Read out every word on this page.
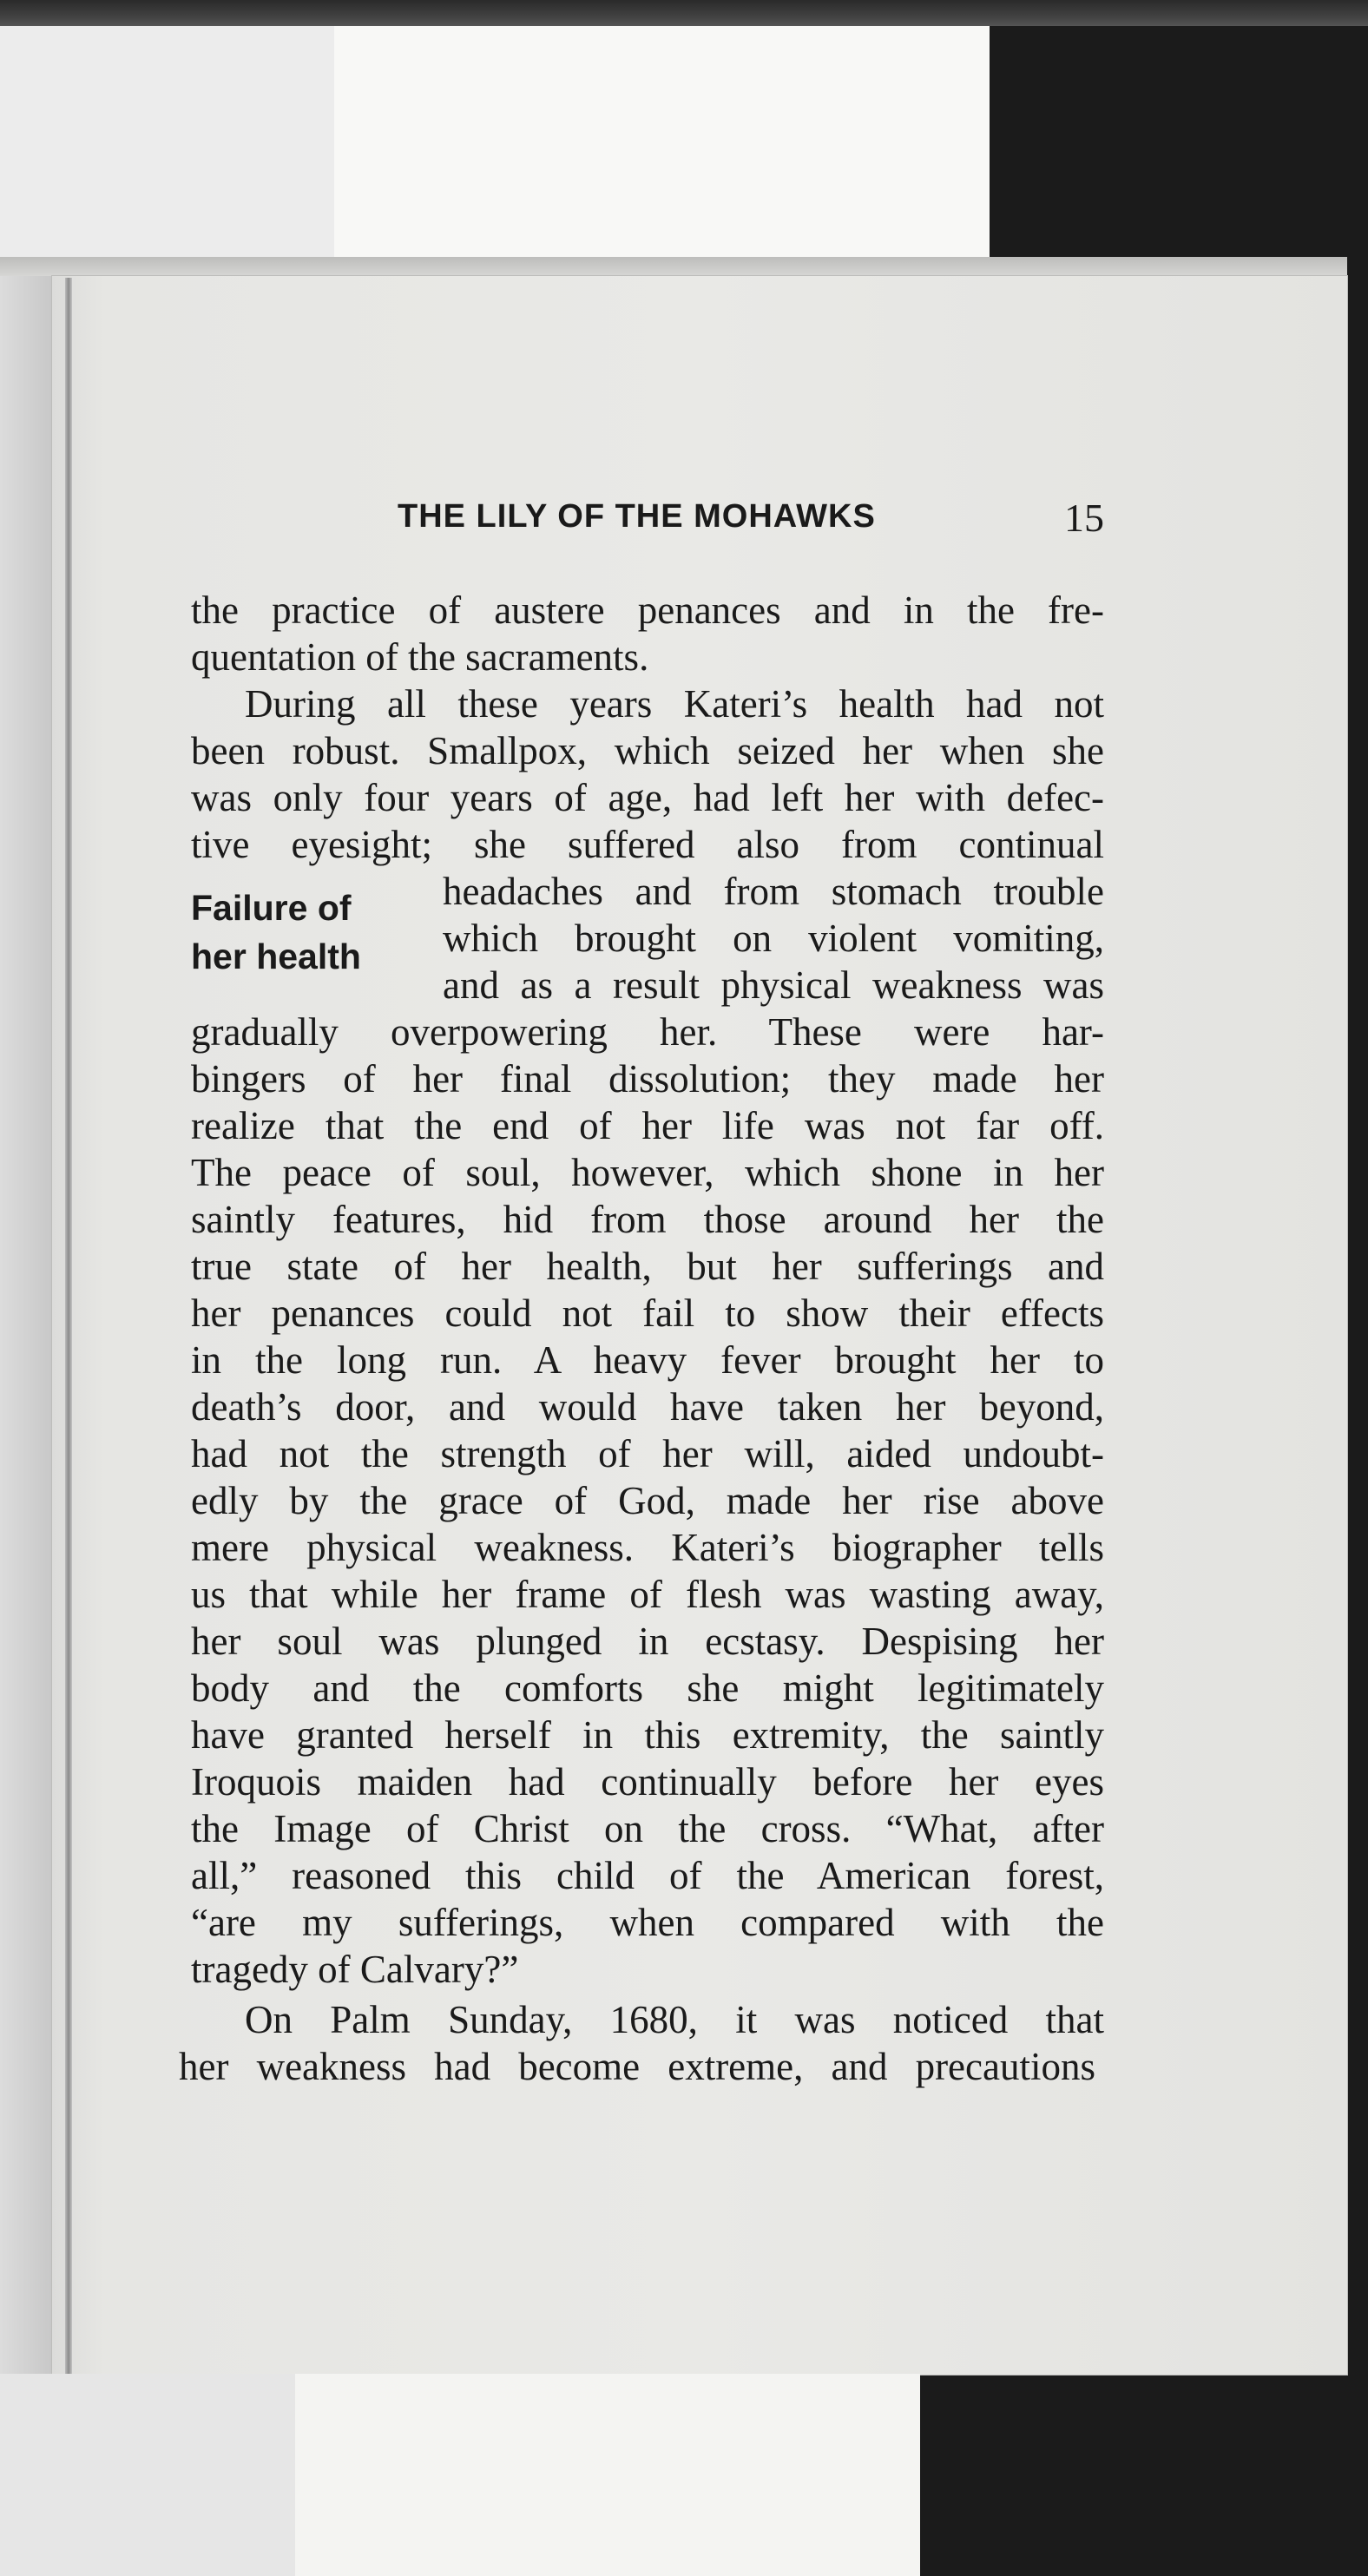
THE LILY OF THE MOHAWKS	15
Failure of
her health
the practice of austere penances and in the fre-
quentation of the sacraments.
During all these years Kateri’s health had not
been robust. Smallpox, which seized her when she
was only four years of age, had left her with defec-
tive eyesight; she suffered also from continual
headaches and from stomach trouble
which brought on violent vomiting,
and as a result physical weakness was
gradually overpowering her. These were har-
bingers of her final dissolution; they made her
realize that the end of her life was not far off.
The peace of soul, however, which shone in her
saintly features, hid from those around her the
true state of her health, but her sufferings and
her penances could not fail to show their effects
in the long run. A heavy fever brought her to
death’s door, and would have taken her beyond,
had not the strength of her will, aided undoubt-
edly by the grace of God, made her rise above
mere physical weakness. Kateri’s biographer tells
us that while her frame of flesh was wasting away,
her soul was plunged in ecstasy. Despising her
body and the comforts she might legitimately
have granted herself in this extremity, the saintly
Iroquois maiden had continually before her eyes
the Image of Christ on the cross. “What, after
all,” reasoned this child of the American forest,
“are my sufferings, when compared with the
tragedy of Calvary?”
On Palm Sunday, 1680, it was noticed that
her weakness had become extreme, and precautions
